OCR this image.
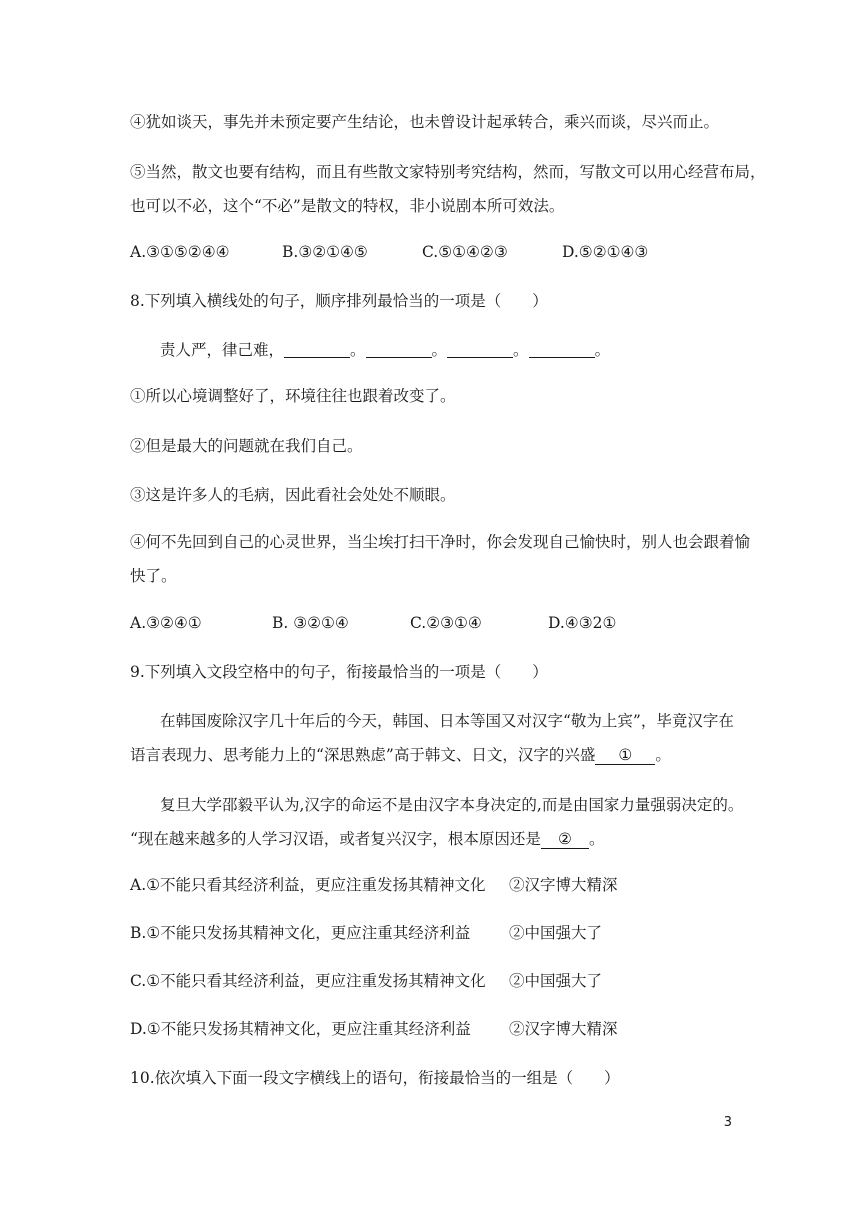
④犹如谈天，事先并未预定要产生结论，也未曾设计起承转合，乘兴而谈，尽兴而止。
⑤当然，散文也要有结构，而且有些散文家特别考究结构，然而，写散文可以用心经营布局，
也可以不必，这个“不必”是散文的特权，非小说剧本所可效法。
A.③①⑤②④④	B.③②①④⑤	C.⑤①④②③	D.⑤②①④③
8.下列填入横线处的句子，顺序排列最恰当的一项是（　　）
责人严，律己难，	。	。	。	。
①所以心境调整好了，环境往往也跟着改变了。
②但是最大的问题就在我们自己。
③这是许多人的毛病，因此看社会处处不顺眼。
④何不先回到自己的心灵世界，当尘埃打扫干净时，你会发现自己愉快时，别人也会跟着愉
快了。
A.③②④①	B. ③②①④	C.②③①④	D.④③2①
9.下列填入文段空格中的句子，衔接最恰当的一项是（　　）
在韩国废除汉字几十年后的今天，韩国、日本等国又对汉字“敬为上宾”，毕竟汉字在
语言表现力、思考能力上的“深思熟虑”高于韩文、日文，汉字的兴盛 ① 。
复旦大学邵毅平认为,汉字的命运不是由汉字本身决定的,而是由国家力量强弱决定的。
“现在越来越多的人学习汉语，或者复兴汉字，根本原因还是 ② 。
A.①不能只看其经济利益，更应注重发扬其精神文化 ②汉字博大精深
B.①不能只发扬其精神文化，更应注重其经济利益	②中国强大了
C.①不能只看其经济利益，更应注重发扬其精神文化 ②中国强大了
D.①不能只发扬其精神文化，更应注重其经济利益 ②汉字博大精深
10.依次填入下面一段文字横线上的语句，衔接最恰当的一组是（　　）
3
